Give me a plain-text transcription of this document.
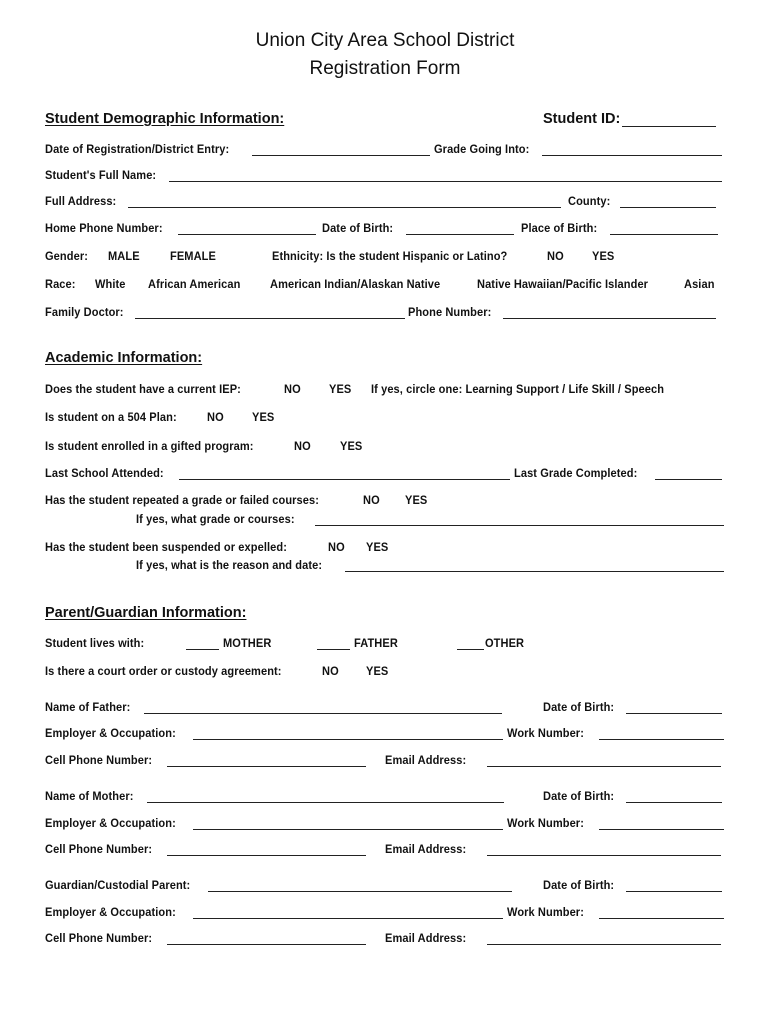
Union City Area School District
Registration Form
Student Demographic Information:	Student ID:
Date of Registration/District Entry:	Grade Going Into:
Student's Full Name:
Full Address:	County:
Home Phone Number:	Date of Birth:	Place of Birth:
Gender: MALE	FEMALE	Ethnicity: Is the student Hispanic or Latino?	NO YES
Race: White African American American Indian/Alaskan Native	Native Hawaiian/Pacific Islander	Asian
Family Doctor:	Phone Number:
Academic Information:
Does the student have a current IEP:	NO YES If yes, circle one: Learning Support / Life Skill / Speech
Is student on a 504 Plan:	NO YES
Is student enrolled in a gifted program:	NO YES
Last School Attended:	Last Grade Completed:
Has the student repeated a grade or failed courses:	NO YES
If yes, what grade or courses:
Has the student been suspended or expelled:	NO YES
If yes, what is the reason and date:
Parent/Guardian Information:
Student lives with:	MOTHER	FATHER	OTHER
Is there a court order or custody agreement:	NO YES
Name of Father:	Date of Birth:
Employer & Occupation:	Work Number:
Cell Phone Number:	Email Address:
Name of Mother:	Date of Birth:
Employer & Occupation:	Work Number:
Cell Phone Number:	Email Address:
Guardian/Custodial Parent:	Date of Birth:
Employer & Occupation:	Work Number:
Cell Phone Number:	Email Address:
